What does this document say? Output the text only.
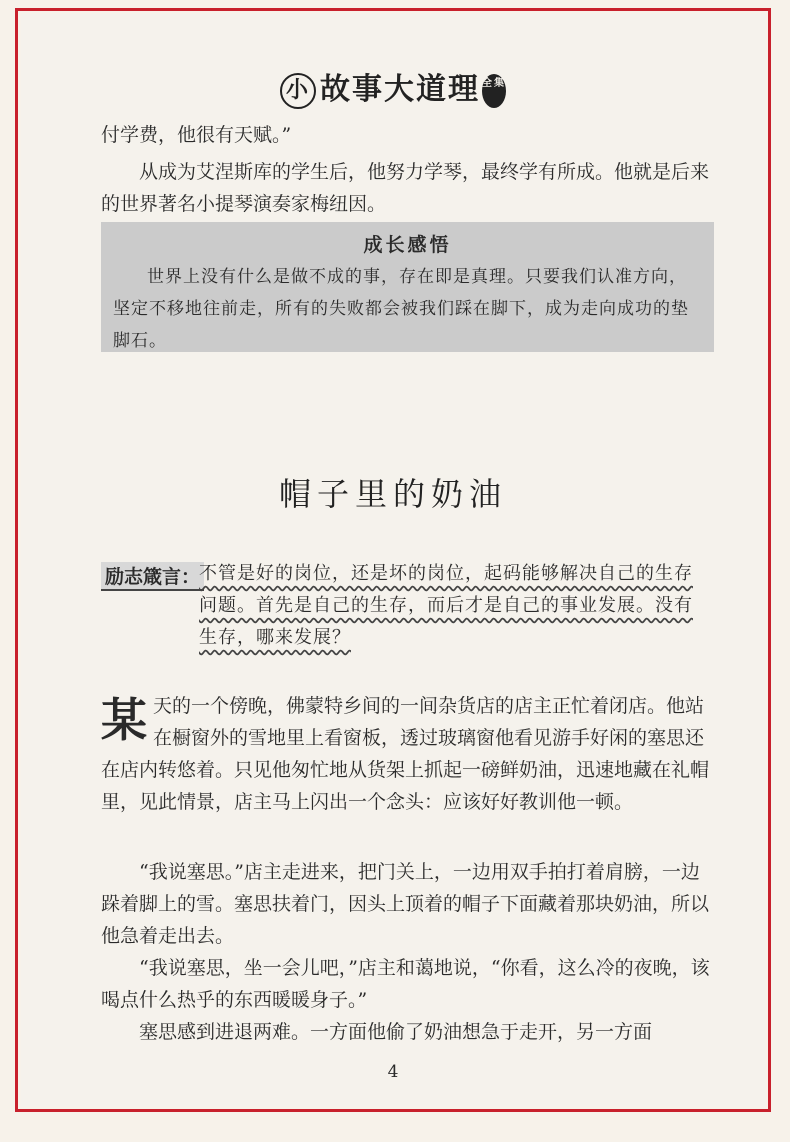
小 故事大道理 全集
付学费，他很有天赋。”
从成为艾涅斯库的学生后，他努力学琴，最终学有所成。他就是后来的世界著名小提琴演奏家梅纽因。
成长感悟
世界上没有什么是做不成的事，存在即是真理。只要我们认准方向，坚定不移地往前走，所有的失败都会被我们踩在脚下，成为走向成功的垫脚石。
帽子里的奶油
励志箴言：
不管是好的岗位，还是坏的岗位，起码能够解决自己的生存问题。首先是自己的生存，而后才是自己的事业发展。没有生存，哪来发展？
某天的一个傍晚，佛蒙特乡间的一间杂货店的店主正忙着闭店。他站在橱窗外的雪地里上看窗板，透过玻璃窗他看见游手好闲的塞思还在店内转悠着。只见他匆忙地从货架上抓起一磅鲜奶油，迅速地藏在礼帽里，见此情景，店主马上闪出一个念头：应该好好教训他一顿。
“我说塞思。”店主走进来，把门关上，一边用双手拍打着肩膀，一边跺着脚上的雪。塞思扶着门，因头上顶着的帽子下面藏着那块奶油，所以他急着走出去。
“我说塞思，坐一会儿吧，”店主和蔼地说，“你看，这么冷的夜晚，该喝点什么热乎的东西暖暖身子。”
塞思感到进退两难。一方面他偷了奶油想急于走开，另一方面
4
